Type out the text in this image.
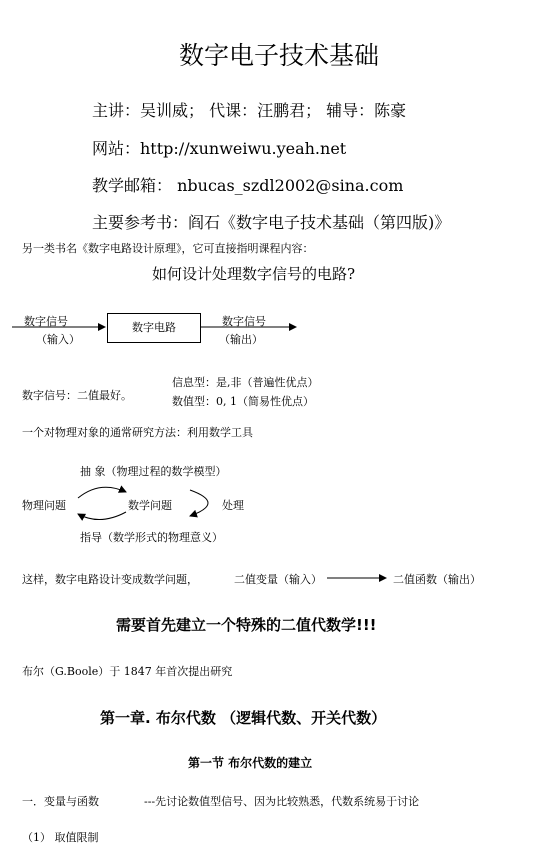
数字电子技术基础
主讲：吴训威； 代课：汪鹏君； 辅导：陈豪
网站：http://xunweiwu.yeah.net
教学邮箱： nbucas_szdl2002@sina.com
主要参考书：阎石《数字电子技术基础（第四版)》
另一类书名《数字电路设计原理》，它可直接指明课程内容：
如何设计处理数字信号的电路?
数字信号
（输入）
数字电路	数字信号
（输出）
数字信号：二值最好。
信息型：是,非（普遍性优点）
数值型：0, 1（简易性优点）
一个对物理对象的通常研究方法：利用数学工具
抽 象（物理过程的数学模型）
物理问题	数学问题	处理
指导（数学形式的物理意义）
这样，数字电路设计变成数学问题，	二值变量（输入）	二值函数（输出）
需要首先建立一个特殊的二值代数学!!!
布尔（G.Boole）于 1847 年首次提出研究
第一章. 布尔代数 （逻辑代数、开关代数）
第一节 布尔代数的建立
一．变量与函数	---先讨论数值型信号、因为比较熟悉，代数系统易于讨论
（1） 取值限制
